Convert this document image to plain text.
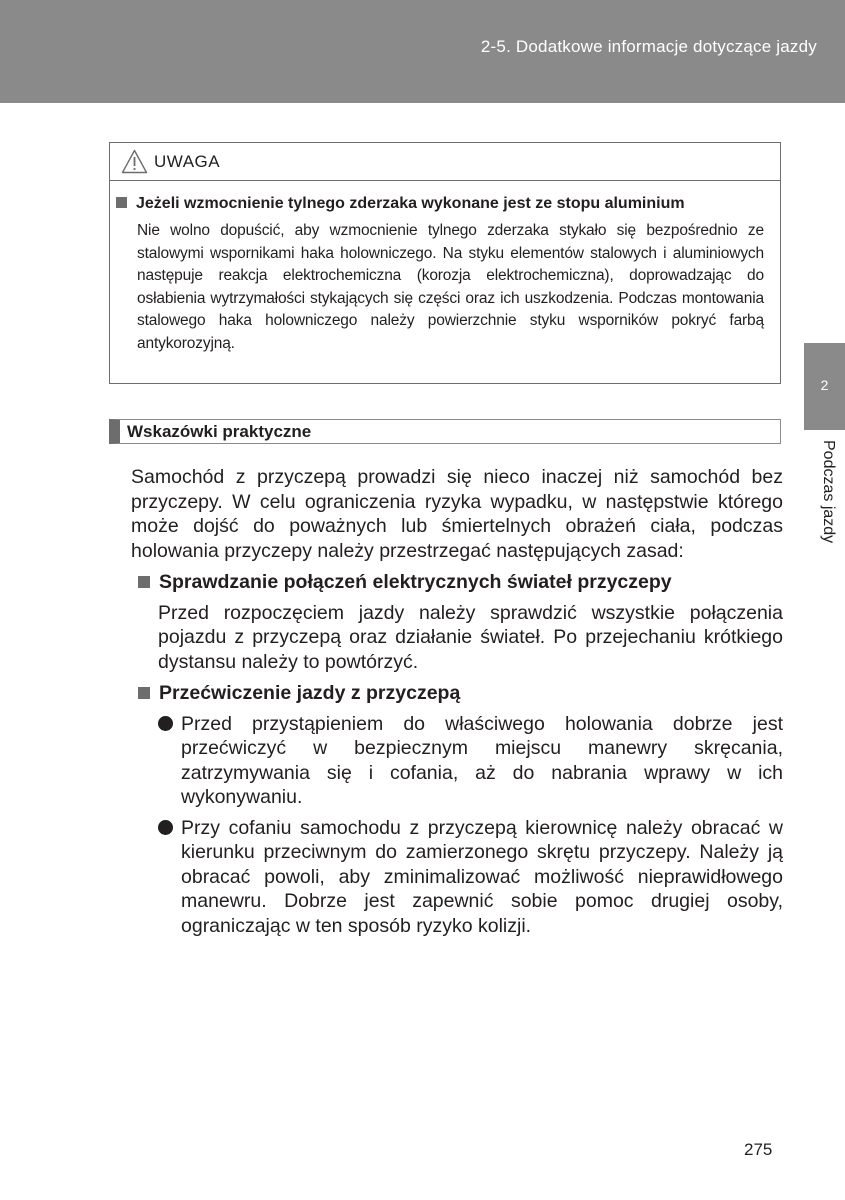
2-5. Dodatkowe informacje dotyczące jazdy
2
Podczas jazdy
UWAGA
Jeżeli wzmocnienie tylnego zderzaka wykonane jest ze stopu aluminium

Nie wolno dopuścić, aby wzmocnienie tylnego zderzaka stykało się bezpośrednio ze stalowymi wspornikami haka holowniczego. Na styku elementów stalowych i aluminiowych następuje reakcja elektrochemiczna (korozja elektrochemiczna), doprowadzając do osłabienia wytrzymałości stykających się części oraz ich uszkodzenia. Podczas montowania stalowego haka holowniczego należy powierzchnie styku wsporników pokryć farbą antykorozyjną.

Wskazówki praktyczne

Samochód z przyczepą prowadzi się nieco inaczej niż samochód bez przyczepy. W celu ograniczenia ryzyka wypadku, w następstwie którego może dojść do poważnych lub śmiertelnych obrażeń ciała, podczas holowania przyczepy należy przestrzegać następujących zasad:

Sprawdzanie połączeń elektrycznych świateł przyczepy

Przed rozpoczęciem jazdy należy sprawdzić wszystkie połączenia pojazdu z przyczepą oraz działanie świateł. Po przejechaniu krótkiego dystansu należy to powtórzyć.

Przećwiczenie jazdy z przyczepą
Przed przystąpieniem do właściwego holowania dobrze jest przećwiczyć w bezpiecznym miejscu manewry skręcania, zatrzymywania się i cofania, aż do nabrania wprawy w ich wykonywaniu.
Przy cofaniu samochodu z przyczepą kierownicę należy obracać w kierunku przeciwnym do zamierzonego skrętu przyczepy. Należy ją obracać powoli, aby zminimalizować możliwość nieprawidłowego manewru. Dobrze jest zapewnić sobie pomoc drugiej osoby, ograniczając w ten sposób ryzyko kolizji.
275
